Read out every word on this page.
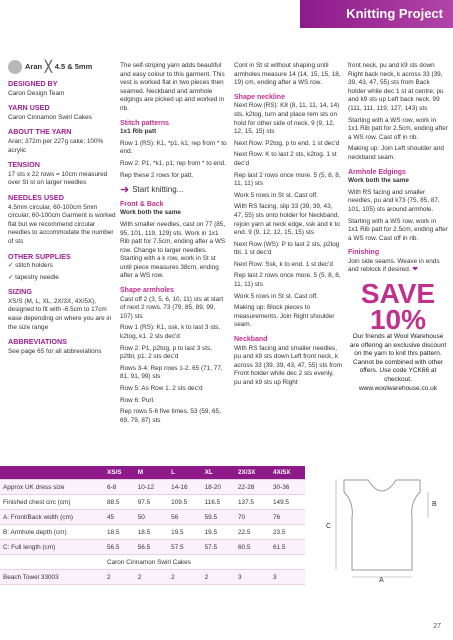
Knitting Project
Aran ╳ 4.5 & 5mm
DESIGNED BY

Caron Design Team

YARN USED

Caron Cinnamon Swirl Cakes

ABOUT THE YARN

Aran; 372m per 227g cake; 100% acrylic

TENSION

17 sts x 22 rows = 10cm measured over St st on larger needles

NEEDLES USED

4.5mm circular, 60-100cm 5mm circular, 60-100cm Garment is worked flat but we recommend circular needles to accommodate the number of sts

OTHER SUPPLIES

✓ stitch holders

✓ tapestry needle

SIZING

XS/S (M, L, XL, 2X/3X, 4X/5X), designed to fit with -6.5cm to 17cm ease depending on where you are in the size range

ABBREVIATIONS

See page 65 for all abbreviations

The self-striping yarn adds beautiful and easy colour to this garment. This vest is worked flat in two pieces then seamed. Neckband and armhole edgings are picked up and worked in rib.

Stitch patterns

1x1 Rib patt

Row 1 (RS): K1, *p1, k1; rep from * to end.

Row 2: P1, *k1, p1; rep from * to end.

Rep these 2 rows for patt.

➜ Start knitting...
Front & Back

Work both the same

With smaller needles, cast on 77 (85, 95, 101, 119, 129) sts. Work in 1x1 Rib patt for 7.5cm, ending after a WS row. Change to larger needles. Starting with a k row, work in St st until piece measures 38cm, ending after a WS row.

Shape armholes

Cast off 2 (3, 5, 6, 10, 11) sts at start of next 2 rows. 73 (79, 85, 89, 99, 107) sts

Row 1 (RS): K1, ssk, k to last 3 sts, k2tog, k1. 2 sts dec'd

Row 2: P1, p2tog, p to last 3 sts, p2tbl, p1. 2 sts dec'd

Rows 3-4: Rep rows 1-2. 65 (71, 77, 81, 91, 99) sts

Row 5: As Row 1. 2 sts dec'd

Row 6: Purl.

Rep rows 5-6 five times. 53 (59, 65, 69, 79, 87) sts

Cont in St st without shaping until armholes measure 14 (14, 15, 15, 18, 19) cm, ending after a WS row.

Shape neckline

Next Row (RS): K8 (8, 11, 11, 14, 14) sts, k2tog, turn and place rem sts on hold for other side of neck. 9 (9, 12, 12, 15, 15) sts

Next Row: P2tog, p to end. 1 st dec'd

Next Row: K to last 2 sts, k2tog. 1 st dec'd

Rep last 2 rows once more. 5 (5, 8, 8, 11, 11) sts

Work 5 rows in St st. Cast off.

With RS facing, slip 33 (39, 39, 43, 47, 55) sts onto holder for Neckband, rejoin yarn at neck edge, ssk and k to end. 9 (9, 12, 12, 15, 15) sts

Next Row (WS): P to last 2 sts, p2tog tbl. 1 st dec'd

Next Row: Ssk, k to end. 1 st dec'd

Rep last 2 rows once more. 5 (5, 8, 8, 11, 11) sts

Work 5 rows in St st. Cast off.

Making up: Block pieces to measurements. Join Right shoulder seam.

Neckband

With RS facing and smaller needles, pu and k9 sts down Left front neck, k across 33 (39, 39, 43, 47, 55) sts from Front holder while dec 2 sts evenly, pu and k9 sts up Right

front neck, pu and k9 sts down Right back neck, k across 33 (39, 39, 43, 47, 55) sts from Back holder while dec 1 st at centre, pu and k9 sts up Left back neck. 99 (111, 111, 119, 127, 143) sts

Starting with a WS row, work in 1x1 Rib patt for 2.5cm, ending after a WS row. Cast off in rib.

Making up: Join Left shoulder and neckband seam.

Armhole Edgings

Work both the same

With RS facing and smaller needles, pu and k73 (75, 85, 87, 101, 105) sts around armhole.

Starting with a WS row, work in 1x1 Rib patt for 2.5cm, ending after a WS row. Cast off in rib.

Finishing

Join side seams. Weave in ends and reblock if desired. ❤

SAVE
10%
Our friends at Wool Warehouse are offering an exclusive discount on the yarn to knit this pattern. Cannot be combined with other offers. Use code YCK66 at checkout. www.woolwarehouse.co.uk
	XS/S	M	L	XL	2X/3X	4X/5X
Approx UK dress size	6-8	10-12	14-16	18-20	22-28	30-36
Finished chest circ (cm)	88.5	97.5	109.5	116.5	137.5	149.5
A: Front/Back width (cm)	45	50	56	59.5	70	76
B: Armhole depth (cm)	18.5	18.5	19.5	19.5	22.5	23.5
C: Full length (cm)	56.5	56.5	57.5	57.5	60.5	61.5
	Caron Cinnamon Swirl Cakes					
Beach Towel 33003	2	2	2	2	3	3	A
B
C
27
